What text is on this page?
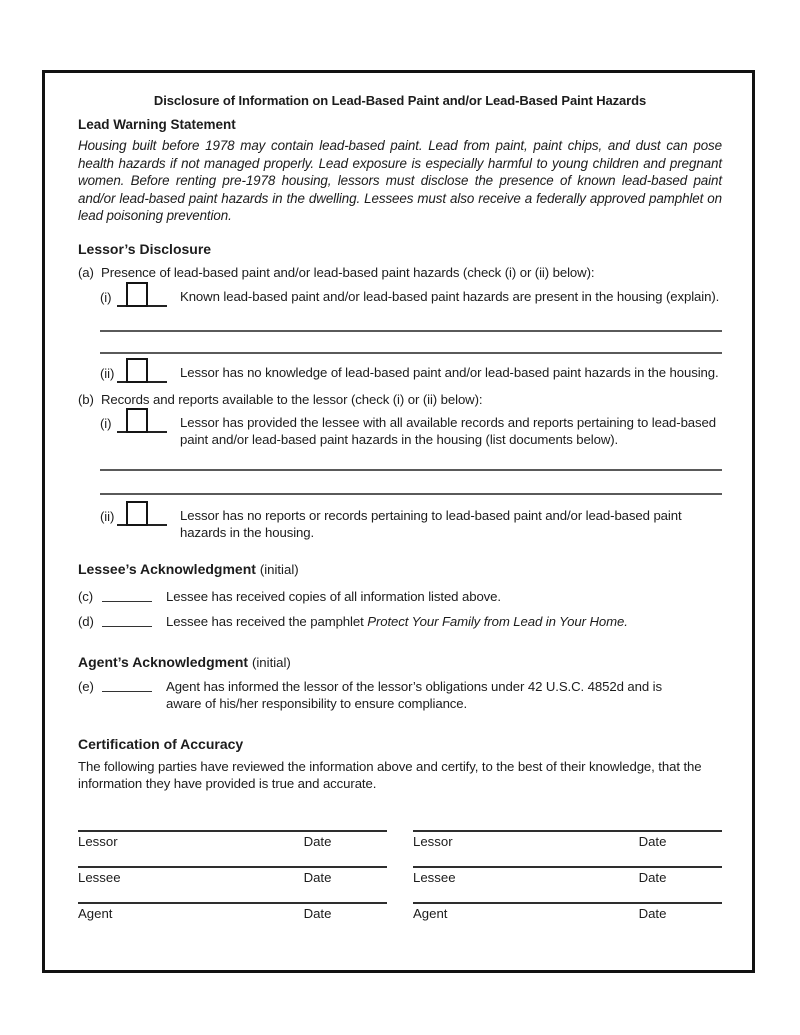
Disclosure of Information on Lead-Based Paint and/or Lead-Based Paint Hazards
Lead Warning Statement
Housing built before 1978 may contain lead-based paint. Lead from paint, paint chips, and dust can pose health hazards if not managed properly. Lead exposure is especially harmful to young children and pregnant women. Before renting pre-1978 housing, lessors must disclose the presence of known lead-based paint and/or lead-based paint hazards in the dwelling. Lessees must also receive a federally approved pamphlet on lead poisoning prevention.
Lessor’s Disclosure
(a) Presence of lead-based paint and/or lead-based paint hazards (check (i) or (ii) below):
(i)	Known lead-based paint and/or lead-based paint hazards are present in the housing (explain).
(ii)	Lessor has no knowledge of lead-based paint and/or lead-based paint hazards in the housing.
(b) Records and reports available to the lessor (check (i) or (ii) below):
(i)	Lessor has provided the lessee with all available records and reports pertaining to lead-based paint and/or lead-based paint hazards in the housing (list documents below).
(ii)	Lessor has no reports or records pertaining to lead-based paint and/or lead-based paint hazards in the housing.
Lessee’s Acknowledgment (initial)
(c)	Lessee has received copies of all information listed above.
(d)	Lessee has received the pamphlet Protect Your Family from Lead in Your Home.
Agent’s Acknowledgment (initial)
(e)	Agent has informed the lessor of the lessor’s obligations under 42 U.S.C. 4852d and is aware of his/her responsibility to ensure compliance.
Certification of Accuracy
The following parties have reviewed the information above and certify, to the best of their knowledge, that the information they have provided is true and accurate.
Lessor	Date	Lessor	Date
Lessee	Date	Lessee	Date
Agent	Date	Agent	Date
